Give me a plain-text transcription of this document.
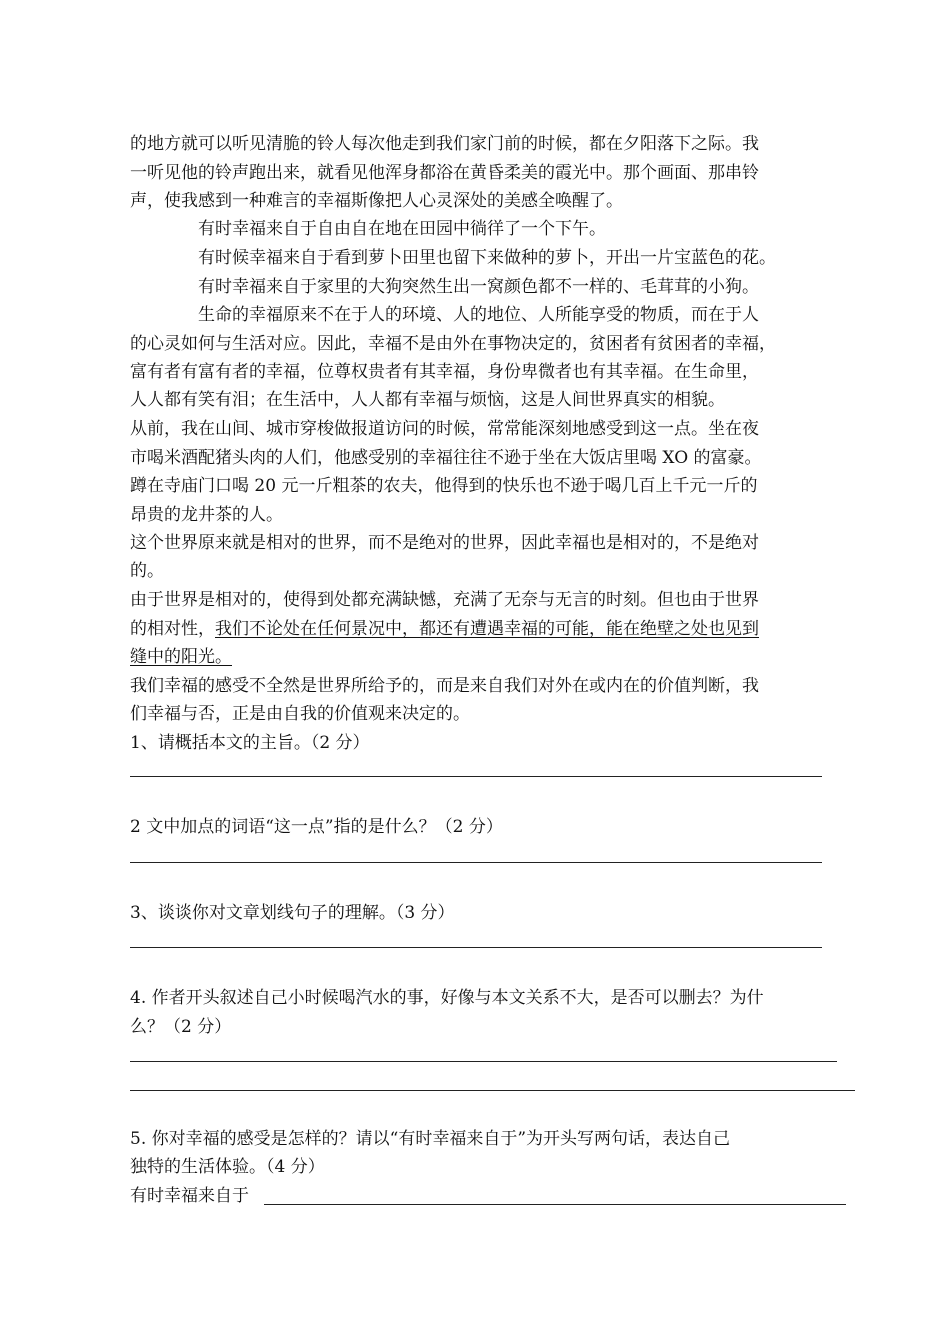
的地方就可以听见清脆的铃人每次他走到我们家门前的时候，都在夕阳落下之际。我
一听见他的铃声跑出来，就看见他浑身都浴在黄昏柔美的霞光中。那个画面、那串铃
声，使我感到一种难言的幸福斯像把人心灵深处的美感全唤醒了。
有时幸福来自于自由自在地在田园中徜徉了一个下午。
有时候幸福来自于看到萝卜田里也留下来做种的萝卜，开出一片宝蓝色的花。
有时幸福来自于家里的大狗突然生出一窝颜色都不一样的、毛茸茸的小狗。
生命的幸福原来不在于人的环境、人的地位、人所能享受的物质，而在于人
的心灵如何与生活对应。因此，幸福不是由外在事物决定的，贫困者有贫困者的幸福，
富有者有富有者的幸福，位尊权贵者有其幸福，身份卑微者也有其幸福。在生命里，
人人都有笑有泪；在生活中，人人都有幸福与烦恼，这是人间世界真实的相貌。
从前，我在山间、城市穿梭做报道访问的时候，常常能深刻地感受到这一点。坐在夜
市喝米酒配猪头肉的人们，他感受别的幸福往往不逊于坐在大饭店里喝 XO 的富豪。
蹲在寺庙门口喝 20 元一斤粗茶的农夫，他得到的快乐也不逊于喝几百上千元一斤的
昂贵的龙井茶的人。
这个世界原来就是相对的世界，而不是绝对的世界，因此幸福也是相对的，不是绝对
的。
由于世界是相对的，使得到处都充满缺憾，充满了无奈与无言的时刻。但也由于世界
的相对性，我们不论处在任何景况中，都还有遭遇幸福的可能，能在绝壁之处也见到
缝中的阳光。
我们幸福的感受不全然是世界所给予的，而是来自我们对外在或内在的价值判断，我
们幸福与否，正是由自我的价值观来决定的。
1、请概括本文的主旨。（2 分）
2 文中加点的词语“这一点”指的是什么？（2 分）
3、谈谈你对文章划线句子的理解。（3 分）
4. 作者开头叙述自己小时候喝汽水的事，好像与本文关系不大，是否可以删去？为什
么？（2 分）
5. 你对幸福的感受是怎样的？请以“有时幸福来自于”为开头写两句话，表达自己
独特的生活体验。（4 分）
有时幸福来自于
